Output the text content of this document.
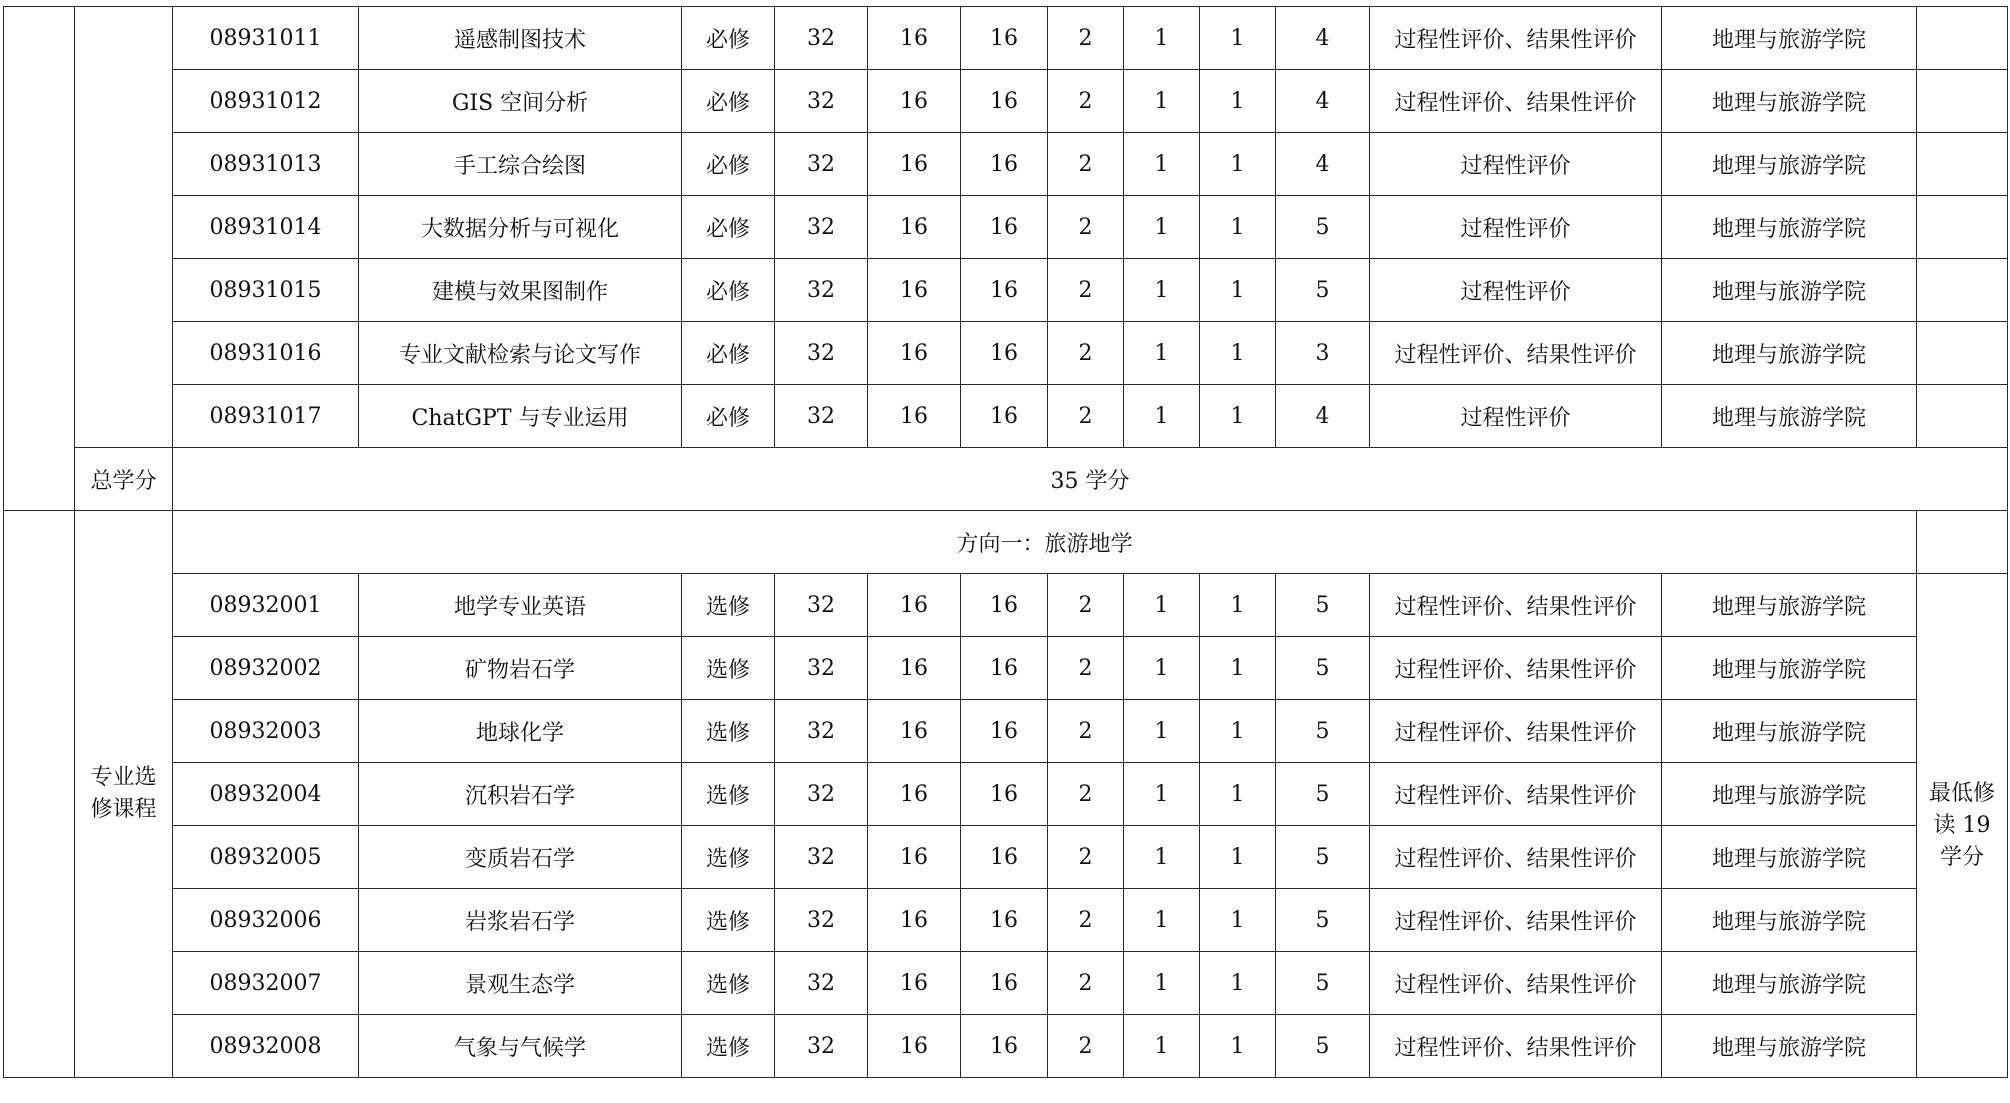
		08931011	遥感制图技术	必修	32	16	16	2	1	1	4	过程性评价、结果性评价	地理与旅游学院	
		08931012	GIS 空间分析	必修	32	16	16	2	1	1	4	过程性评价、结果性评价	地理与旅游学院	
		08931013	手工综合绘图	必修	32	16	16	2	1	1	4	过程性评价	地理与旅游学院	
		08931014	大数据分析与可视化	必修	32	16	16	2	1	1	5	过程性评价	地理与旅游学院	
		08931015	建模与效果图制作	必修	32	16	16	2	1	1	5	过程性评价	地理与旅游学院	
		08931016	专业文献检索与论文写作	必修	32	16	16	2	1	1	3	过程性评价、结果性评价	地理与旅游学院	
		08931017	ChatGPT 与专业运用	必修	32	16	16	2	1	1	4	过程性评价	地理与旅游学院	
	总学分	35 学分												
	专业选修课程	方向一：旅游地学												
		08932001	地学专业英语	选修	32	16	16	2	1	1	5	过程性评价、结果性评价	地理与旅游学院	最低修读 19 学分
		08932002	矿物岩石学	选修	32	16	16	2	1	1	5	过程性评价、结果性评价	地理与旅游学院	
		08932003	地球化学	选修	32	16	16	2	1	1	5	过程性评价、结果性评价	地理与旅游学院	
		08932004	沉积岩石学	选修	32	16	16	2	1	1	5	过程性评价、结果性评价	地理与旅游学院	
		08932005	变质岩石学	选修	32	16	16	2	1	1	5	过程性评价、结果性评价	地理与旅游学院	
		08932006	岩浆岩石学	选修	32	16	16	2	1	1	5	过程性评价、结果性评价	地理与旅游学院	
		08932007	景观生态学	选修	32	16	16	2	1	1	5	过程性评价、结果性评价	地理与旅游学院	
		08932008	气象与气候学	选修	32	16	16	2	1	1	5	过程性评价、结果性评价	地理与旅游学院	
